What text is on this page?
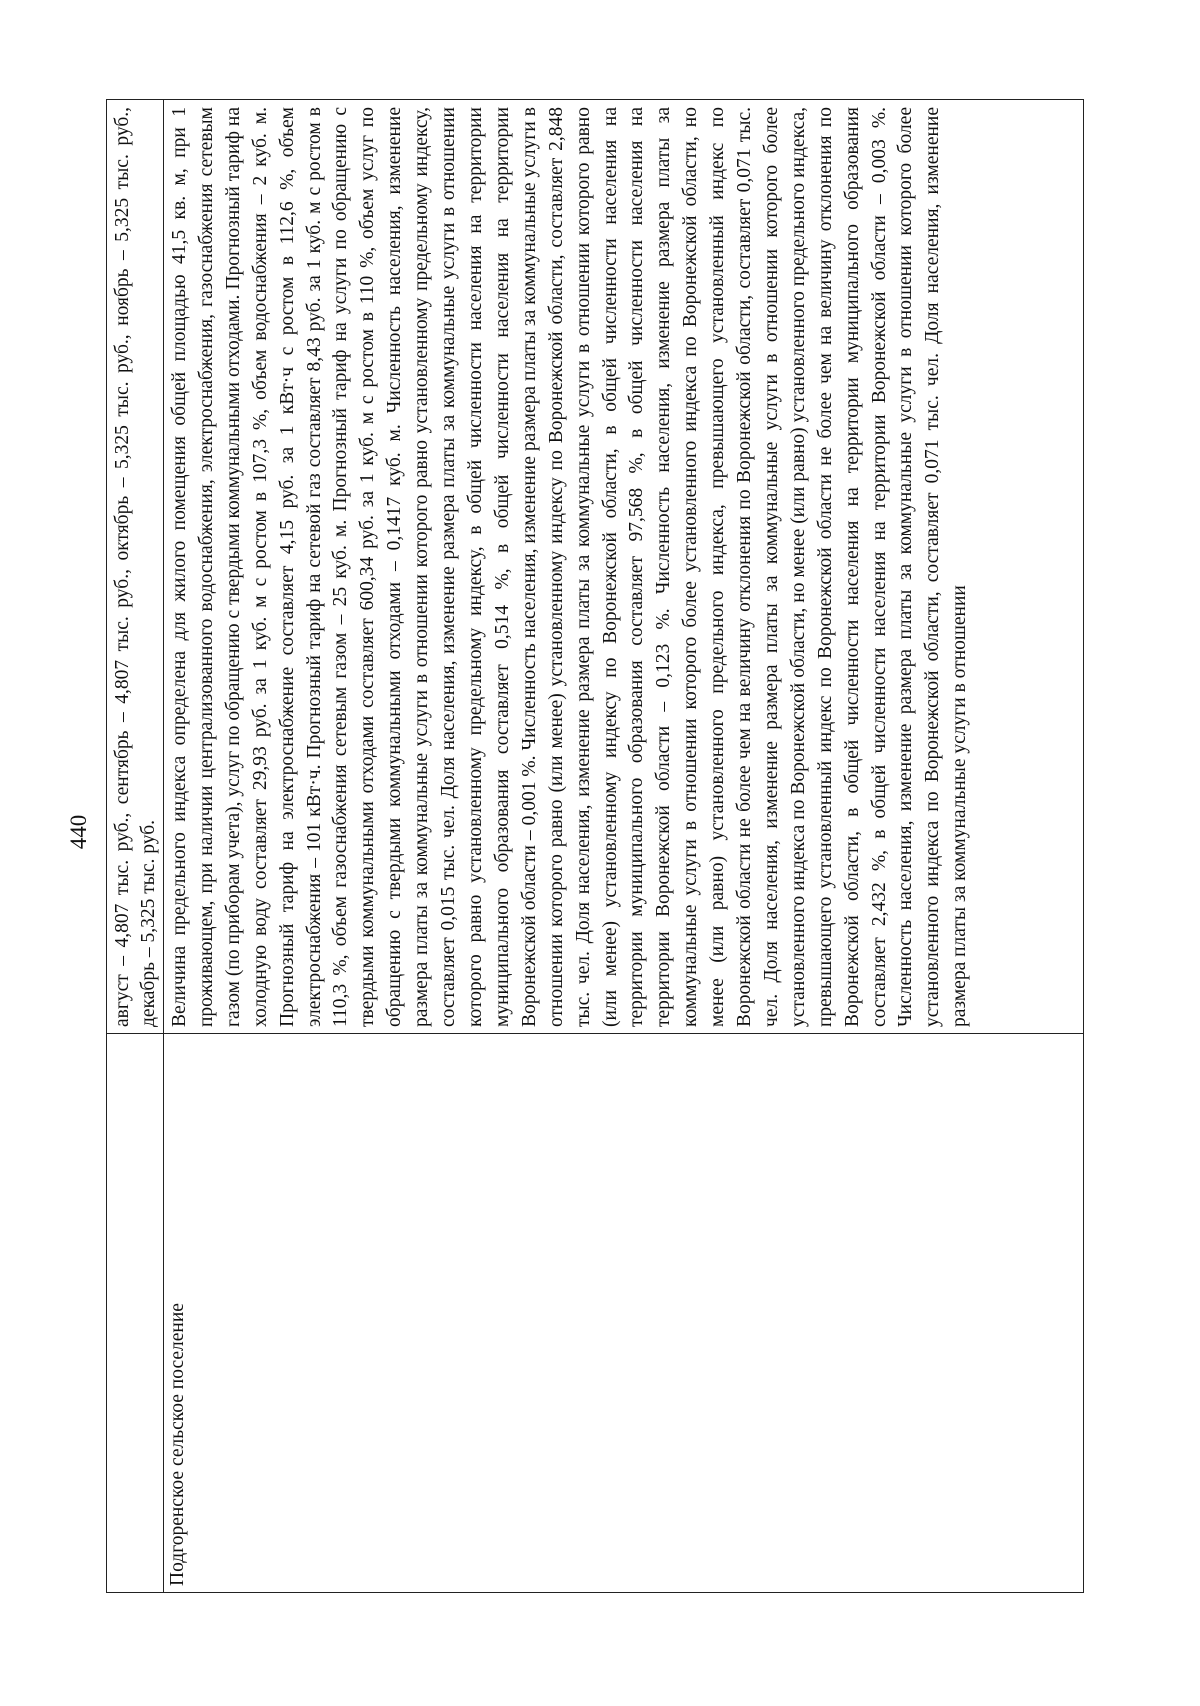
440	август – 4,807 тыс. руб., сентябрь – 4,807 тыс. руб., октябрь – 5,325 тыс. руб., ноябрь – 5,325 тыс. руб., декабрь – 5,325 тыс. руб.
Подгоренское сельское поселение
Величина предельного индекса определена для жилого помещения общей площадью 41,5 кв. м, при 1 проживающем, при наличии централизованного водоснабжения, электроснабжения, газоснабжения сетевым газом (по приборам учета), услуг по обращению с твердыми коммунальными отходами. Прогнозный тариф на холодную воду составляет 29,93 руб. за 1 куб. м с ростом в 107,3 %, объем водоснабжения – 2 куб. м. Прогнозный тариф на электроснабжение составляет 4,15 руб. за 1 кВт·ч с ростом в 112,6 %, объем электроснабжения – 101 кВт·ч. Прогнозный тариф на сетевой газ составляет 8,43 руб. за 1 куб. м с ростом в 110,3 %, объем газоснабжения сетевым газом – 25 куб. м. Прогнозный тариф на услуги по обращению с твердыми коммунальными отходами составляет 600,34 руб. за 1 куб. м с ростом в 110 %, объем услуг по обращению с твердыми коммунальными отходами – 0,1417 куб. м. Численность населения, изменение размера платы за коммунальные услуги в отношении которого равно установленному предельному индексу, составляет 0,015 тыс. чел. Доля населения, изменение размера платы за коммунальные услуги в отношении которого равно установленному предельному индексу, в общей численности населения на территории муниципального образования составляет 0,514 %, в общей численности населения на территории Воронежской области – 0,001 %. Численность населения, изменение размера платы за коммунальные услуги в отношении которого равно (или менее) установленному индексу по Воронежской области, составляет 2,848 тыс. чел. Доля населения, изменение размера платы за коммунальные услуги в отношении которого равно (или менее) установленному индексу по Воронежской области, в общей численности населения на территории муниципального образования составляет 97,568 %, в общей численности населения на территории Воронежской области – 0,123 %. Численность населения, изменение размера платы за коммунальные услуги в отношении которого более установленного индекса по Воронежской области, но менее (или равно) установленного предельного индекса, превышающего установленный индекс по Воронежской области не более чем на величину отклонения по Воронежской области, составляет 0,071 тыс. чел. Доля населения, изменение размера платы за коммунальные услуги в отношении которого более установленного индекса по Воронежской области, но менее (или равно) установленного предельного индекса, превышающего установленный индекс по Воронежской области не более чем на величину отклонения по Воронежской области, в общей численности населения на территории муниципального образования составляет 2,432 %, в общей численности населения на территории Воронежской области – 0,003 %. Численность населения, изменение размера платы за коммунальные услуги в отношении которого более установленного индекса по Воронежской области, составляет 0,071 тыс. чел. Доля населения, изменение размера платы за коммунальные услуги в отношении
